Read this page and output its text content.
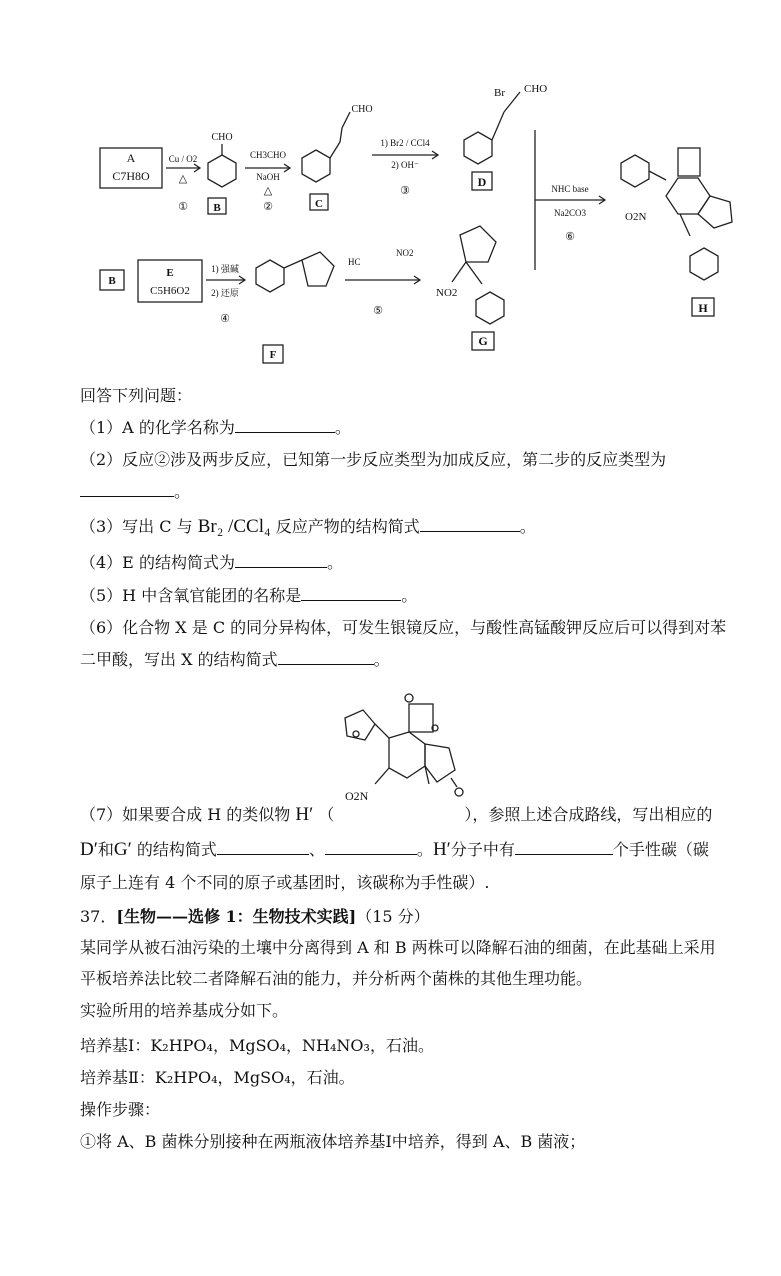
A
C7H8O
Cu / O2
△
①
CHO
B
CH3CHO
NaOH
△
②
CHO
C
1) Br2 / CCl4
2) OH⁻
③
Br CHO
D	NHC base
Na2CO3
⑥
O2N
H
B
E
C5H6O2
1) 强碱
2) 还原
④
F
HC
NO2
⑤
NO2
G
回答下列问题：
（1）A 的化学名称为	。
（2）反应②涉及两步反应，已知第一步反应类型为加成反应，第二步的反应类型为
。
（3）写出 C 与 Br₂ /CCl₄ 反应产物的结构简式	。
（4）E 的结构简式为	。
（5）H 中含氧官能团的名称是	。
（6）化合物 X 是 C 的同分异构体，可发生银镜反应，与酸性高锰酸钾反应后可以得到对苯
二甲酸，写出 X 的结构简式	。
O2N
（7）如果要合成 H 的类似物 H′ （	），参照上述合成路线，写出相应的
D′和G′ 的结构简式	、	。H′分子中有	个手性碳（碳
原子上连有 4 个不同的原子或基团时，该碳称为手性碳）.
37．[生物——选修 1：生物技术实践]（15 分）
某同学从被石油污染的土壤中分离得到 A 和 B 两株可以降解石油的细菌，在此基础上采用
平板培养法比较二者降解石油的能力，并分析两个菌株的其他生理功能。
实验所用的培养基成分如下。
培养基Ⅰ：K₂HPO₄，MgSO₄，NH₄NO₃，石油。
培养基Ⅱ：K₂HPO₄，MgSO₄，石油。
操作步骤：
①将 A、B 菌株分别接种在两瓶液体培养基Ⅰ中培养，得到 A、B 菌液；
